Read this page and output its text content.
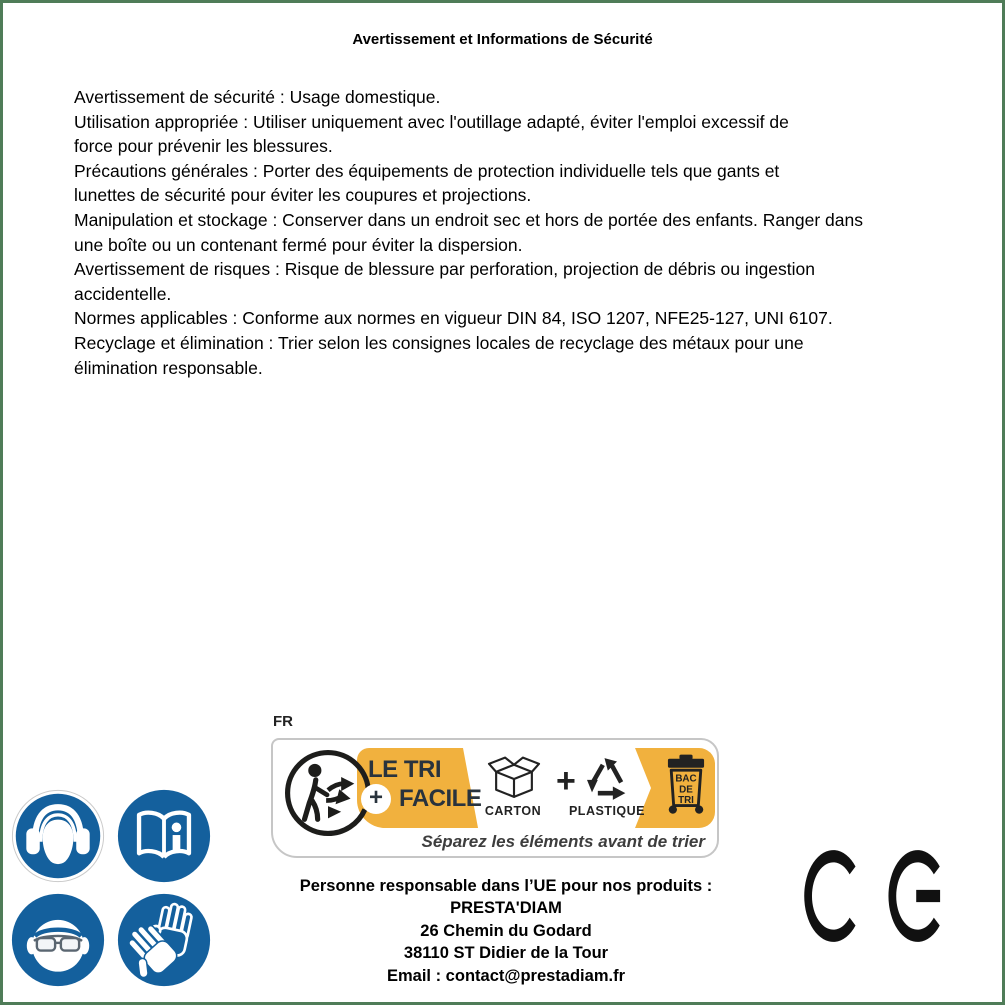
Avertissement et Informations de Sécurité
Avertissement de sécurité : Usage domestique.
Utilisation appropriée : Utiliser uniquement avec l'outillage adapté, éviter l'emploi excessif de
force pour prévenir les blessures.
Précautions générales : Porter des équipements de protection individuelle tels que gants et
lunettes de sécurité pour éviter les coupures et projections.
Manipulation et stockage : Conserver dans un endroit sec et hors de portée des enfants. Ranger dans
une boîte ou un contenant fermé pour éviter la dispersion.
Avertissement de risques : Risque de blessure par perforation, projection de débris ou ingestion
accidentelle.
Normes applicables : Conforme aux normes en vigueur DIN 84, ISO 1207, NFE25-127, UNI 6107.
Recyclage et élimination : Trier selon les consignes locales de recyclage des métaux pour une
élimination responsable.
FR
LE TRI
+ FACILE CARTON
+
PLASTIQUE
BAC
DE
TRI
Séparez les éléments avant de trier
Personne responsable dans l’UE pour nos produits :
PRESTA'DIAM
26 Chemin du Godard
38110 ST Didier de la Tour
Email : contact@prestadiam.fr
